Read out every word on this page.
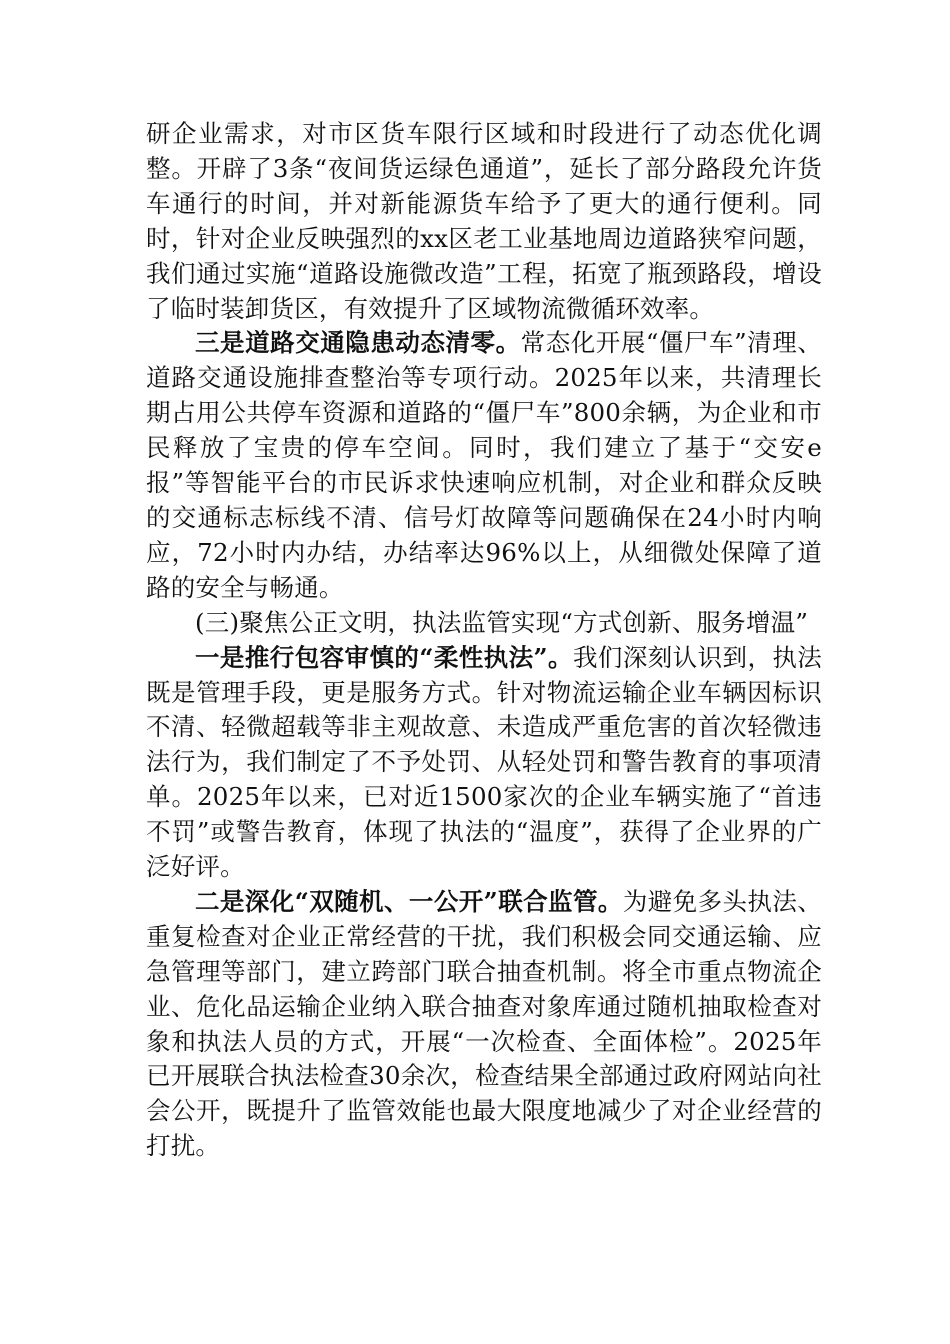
研企业需求，对市区货车限行区域和时段进行了动态优化调整。开辟了3条“夜间货运绿色通道”，延长了部分路段允许货车通行的时间，并对新能源货车给予了更大的通行便利。同时，针对企业反映强烈的xx区老工业基地周边道路狭窄问题，我们通过实施“道路设施微改造”工程，拓宽了瓶颈路段，增设了临时装卸货区，有效提升了区域物流微循环效率。

三是道路交通隐患动态清零。常态化开展“僵尸车”清理、道路交通设施排查整治等专项行动。2025年以来，共清理长期占用公共停车资源和道路的“僵尸车”800余辆，为企业和市民释放了宝贵的停车空间。同时，我们建立了基于“交安e报”等智能平台的市民诉求快速响应机制，对企业和群众反映的交通标志标线不清、信号灯故障等问题确保在24小时内响应，72小时内办结，办结率达96%以上，从细微处保障了道路的安全与畅通。

(三)聚焦公正文明，执法监管实现“方式创新、服务增温”

一是推行包容审慎的“柔性执法”。我们深刻认识到，执法既是管理手段，更是服务方式。针对物流运输企业车辆因标识不清、轻微超载等非主观故意、未造成严重危害的首次轻微违法行为，我们制定了不予处罚、从轻处罚和警告教育的事项清单。2025年以来，已对近1500家次的企业车辆实施了“首违不罚”或警告教育，体现了执法的“温度”，获得了企业界的广泛好评。

二是深化“双随机、一公开”联合监管。为避免多头执法、重复检查对企业正常经营的干扰，我们积极会同交通运输、应急管理等部门，建立跨部门联合抽查机制。将全市重点物流企业、危化品运输企业纳入联合抽查对象库通过随机抽取检查对象和执法人员的方式，开展“一次检查、全面体检”。2025年已开展联合执法检查30余次，检查结果全部通过政府网站向社会公开，既提升了监管效能也最大限度地减少了对企业经营的打扰。
